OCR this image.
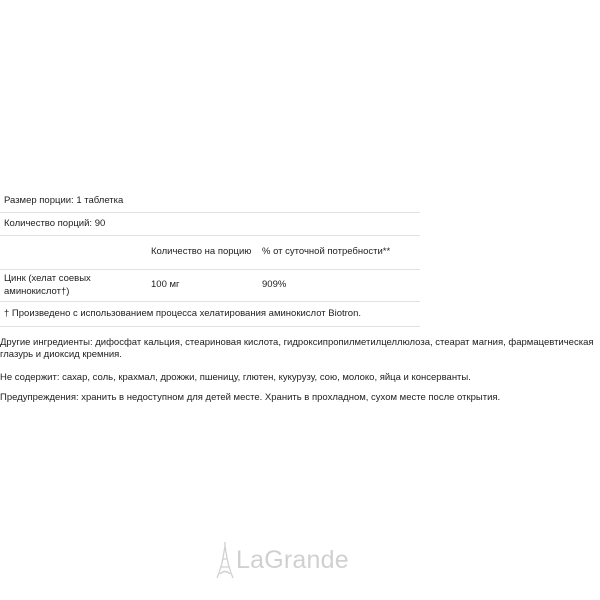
Размер порции: 1 таблетка		
Количество порций: 90		
	Количество на порцию	% от суточной потребности**
Цинк (хелат соевых аминокислот†)	100 мг	909%
† Произведено с использованием процесса хелатирования аминокислот Biotron.		

Другие ингредиенты: дифосфат кальция, стеариновая кислота, гидроксипропилметилцеллюлоза, стеарат магния, фармацевтическая глазурь и диоксид кремния.

Не содержит: сахар, соль, крахмал, дрожжи, пшеницу, глютен, кукурузу, сою, молоко, яйца и консерванты.

Предупреждения: хранить в недоступном для детей месте. Хранить в прохладном, сухом месте после открытия.

LaGrande
